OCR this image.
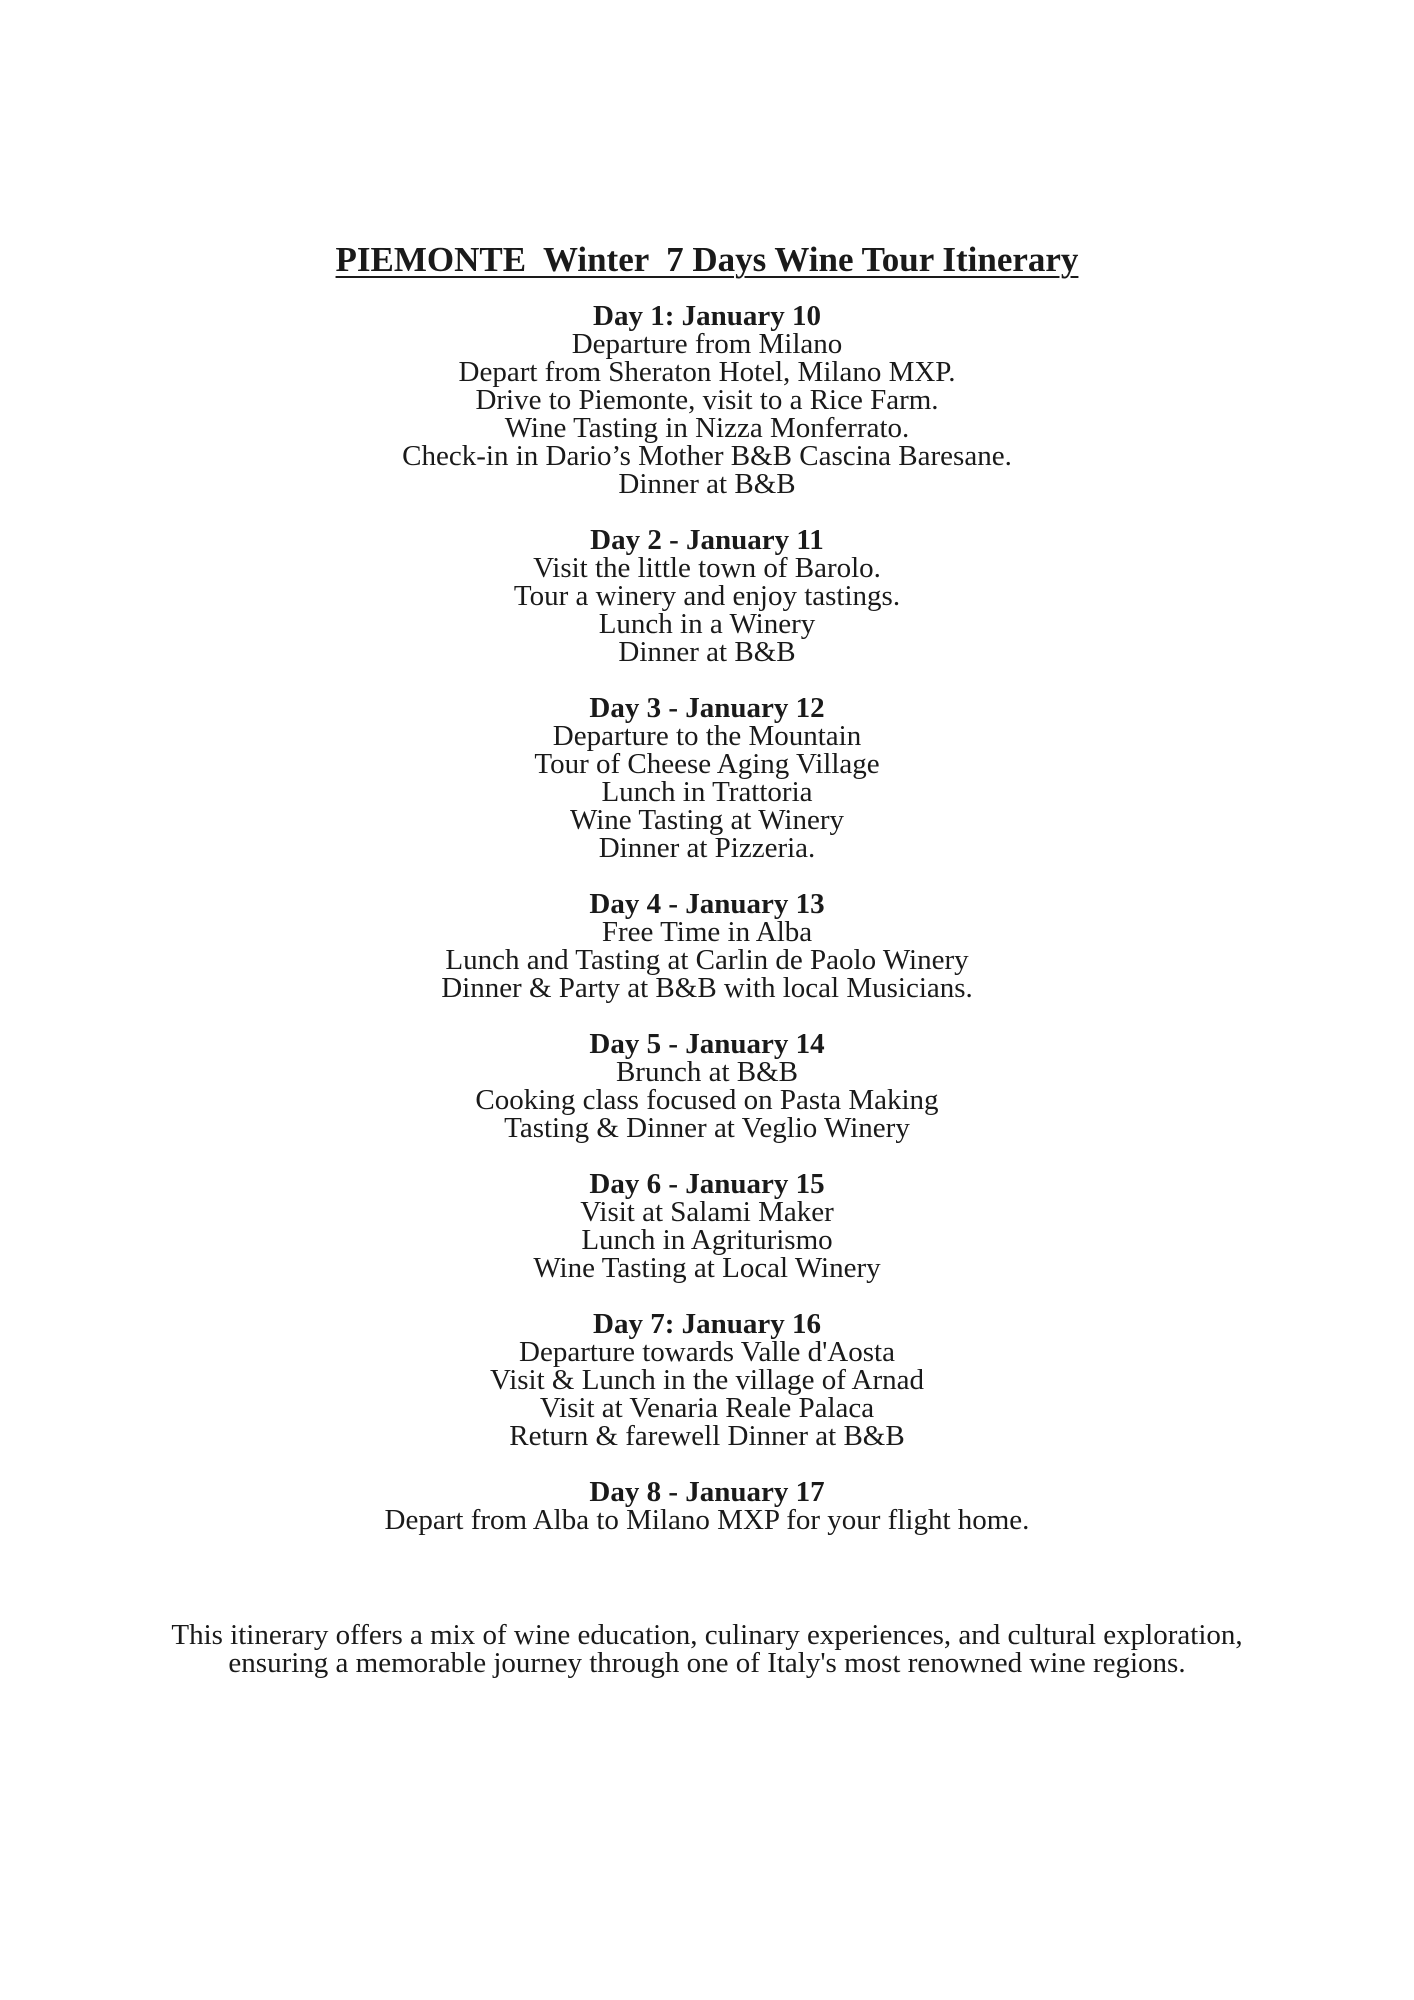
PIEMONTE  Winter  7 Days Wine Tour Itinerary

Day 1: January 10

Departure from Milano

Depart from Sheraton Hotel, Milano MXP.

Drive to Piemonte, visit to a Rice Farm.

Wine Tasting in Nizza Monferrato.

Check-in in Dario’s Mother B&B Cascina Baresane.

Dinner at B&B

Day 2 - January 11

Visit the little town of Barolo.

Tour a winery and enjoy tastings.

Lunch in a Winery

Dinner at B&B

Day 3 - January 12

Departure to the Mountain

Tour of Cheese Aging Village

Lunch in Trattoria

Wine Tasting at Winery

Dinner at Pizzeria.

Day 4 - January 13

Free Time in Alba

Lunch and Tasting at Carlin de Paolo Winery

Dinner & Party at B&B with local Musicians.

Day 5 - January 14

Brunch at B&B

Cooking class focused on Pasta Making

Tasting & Dinner at Veglio Winery

Day 6 - January 15

Visit at Salami Maker

Lunch in Agriturismo

Wine Tasting at Local Winery

Day 7: January 16

Departure towards Valle d'Aosta

Visit & Lunch in the village of Arnad

Visit at Venaria Reale Palaca

Return & farewell Dinner at B&B

Day 8 - January 17

Depart from Alba to Milano MXP for your flight home.

This itinerary offers a mix of wine education, culinary experiences, and cultural exploration,

ensuring a memorable journey through one of Italy's most renowned wine regions.
